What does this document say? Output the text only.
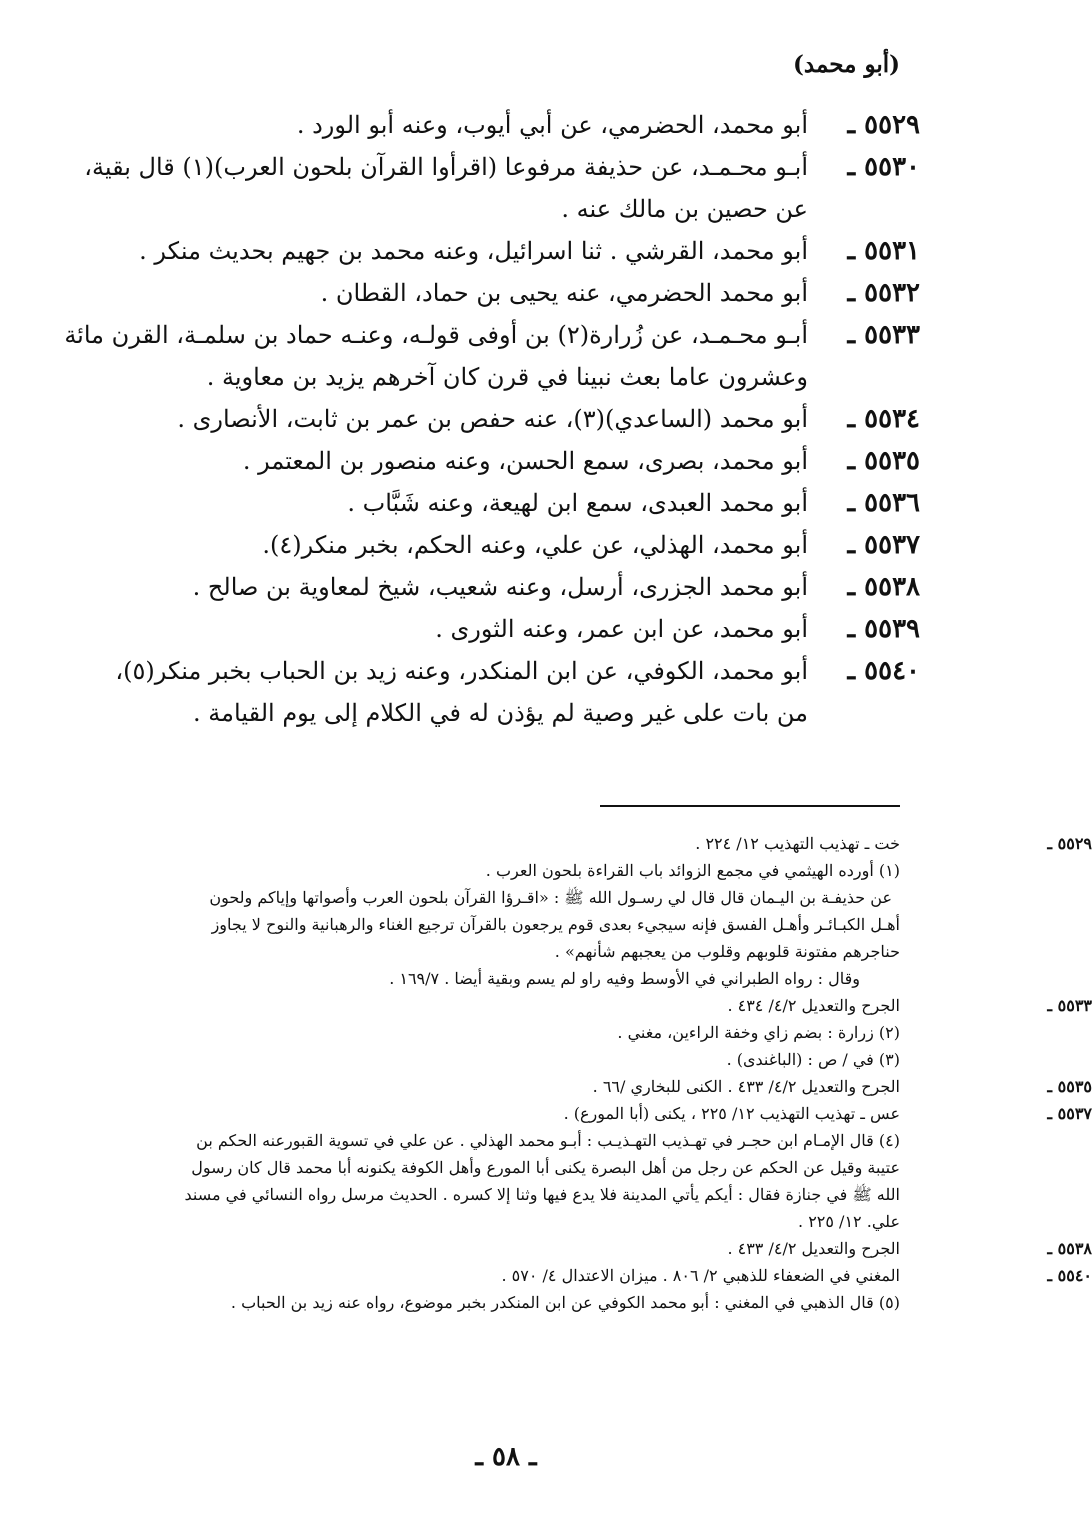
(أبو محمد)
٥٥٢٩ ـ
أبو محمد، الحضرمي، عن أبي أيوب، وعنه أبو الورد .
٥٥٣٠ ـ
أبـو محـمـد، عن حذيفة مرفوعا (اقرأوا القرآن بلحون العرب)(١) قال بقية،
عن حصين بن مالك عنه .
٥٥٣١ ـ
أبو محمد، القرشي . ثنا اسرائيل، وعنه محمد بن جهيم بحديث منكر .
٥٥٣٢ ـ
أبو محمد الحضرمي، عنه يحيى بن حماد، القطان .
٥٥٣٣ ـ
أبـو محـمـد، عن زُرارة(٢) بن أوفى قولـه، وعنـه حماد بن سلمـة، القرن مائة
وعشرون عاما بعث نبينا في قرن كان آخرهم يزيد بن معاوية .
٥٥٣٤ ـ
أبو محمد (الساعدي)(٣)، عنه حفص بن عمر بن ثابت، الأنصارى .
٥٥٣٥ ـ
أبو محمد، بصرى، سمع الحسن، وعنه منصور بن المعتمر .
٥٥٣٦ ـ
أبو محمد العبدى، سمع ابن لهيعة، وعنه شَبَّاب .
٥٥٣٧ ـ
أبو محمد، الهذلي، عن علي، وعنه الحكم، بخبر منكر(٤).
٥٥٣٨ ـ
أبو محمد الجزرى، أرسل، وعنه شعيب، شيخ لمعاوية بن صالح .
٥٥٣٩ ـ
أبو محمد، عن ابن عمر، وعنه الثورى .
٥٥٤٠ ـ
أبو محمد، الكوفي، عن ابن المنكدر، وعنه زيد بن الحباب بخبر منكر(٥)،
من بات على غير وصية لم يؤذن له في الكلام إلى يوم القيامة .
٥٥٢٩ ـ
خت ـ تهذيب التهذيب ١٢/ ٢٢٤ .
(١) أورده الهيثمي في مجمع الزوائد باب القراءة بلحون العرب .
عن حذيفـة بن اليـمان قال قال لي رسـول الله ﷺ : «اقـرؤا القرآن بلحون العرب وأصواتها وإياكم ولحون
أهـل الكبـائـر وأهـل الفسق فإنه سيجيء بعدى قوم يرجعون بالقرآن ترجيع الغناء والرهبانية والنوح لا يجاوز
حناجرهم مفتونة قلوبهم وقلوب من يعجبهم شأنهم» .
وقال : رواه الطبراني في الأوسط وفيه راو لم يسم وبقية أيضا . ١٦٩/٧ .
٥٥٣٣ ـ
الجرح والتعديل ٤/٢/ ٤٣٤ .
(٢) زرارة : بضم زاي وخفة الراءين، مغني .
(٣) في / ص : (الباغندى) .
٥٥٣٥ ـ
الجرح والتعديل ٤/٢/ ٤٣٣ . الكنى للبخاري /٦٦ .
٥٥٣٧ ـ
عس ـ تهذيب التهذيب ١٢/ ٢٢٥ ، يكنى (أبا المورع) .
(٤) قال الإمـام ابن حجـر في تهـذيب التهـذيـب : أبـو محمد الهذلي . عن علي في تسوية القبورعنه الحكم بن
عتيبة وقيل عن الحكم عن رجل من أهل البصرة يكنى أبا المورع وأهل الكوفة يكنونه أبا محمد قال كان رسول
الله ﷺ في جنازة فقال : أيكم يأتي المدينة فلا يدع فيها وثنا إلا كسره . الحديث مرسل رواه النسائي في مسند
علي. ١٢/ ٢٢٥ .
٥٥٣٨ ـ
الجرح والتعديل ٤/٢/ ٤٣٣ .
٥٥٤٠ ـ
المغني في الضعفاء للذهبي ٢/ ٨٠٦ . ميزان الاعتدال ٤/ ٥٧٠ .
(٥) قال الذهبي في المغني : أبو محمد الكوفي عن ابن المنكدر بخبر موضوع، رواه عنه زيد بن الحباب .
ـ ٥٨ ـ
